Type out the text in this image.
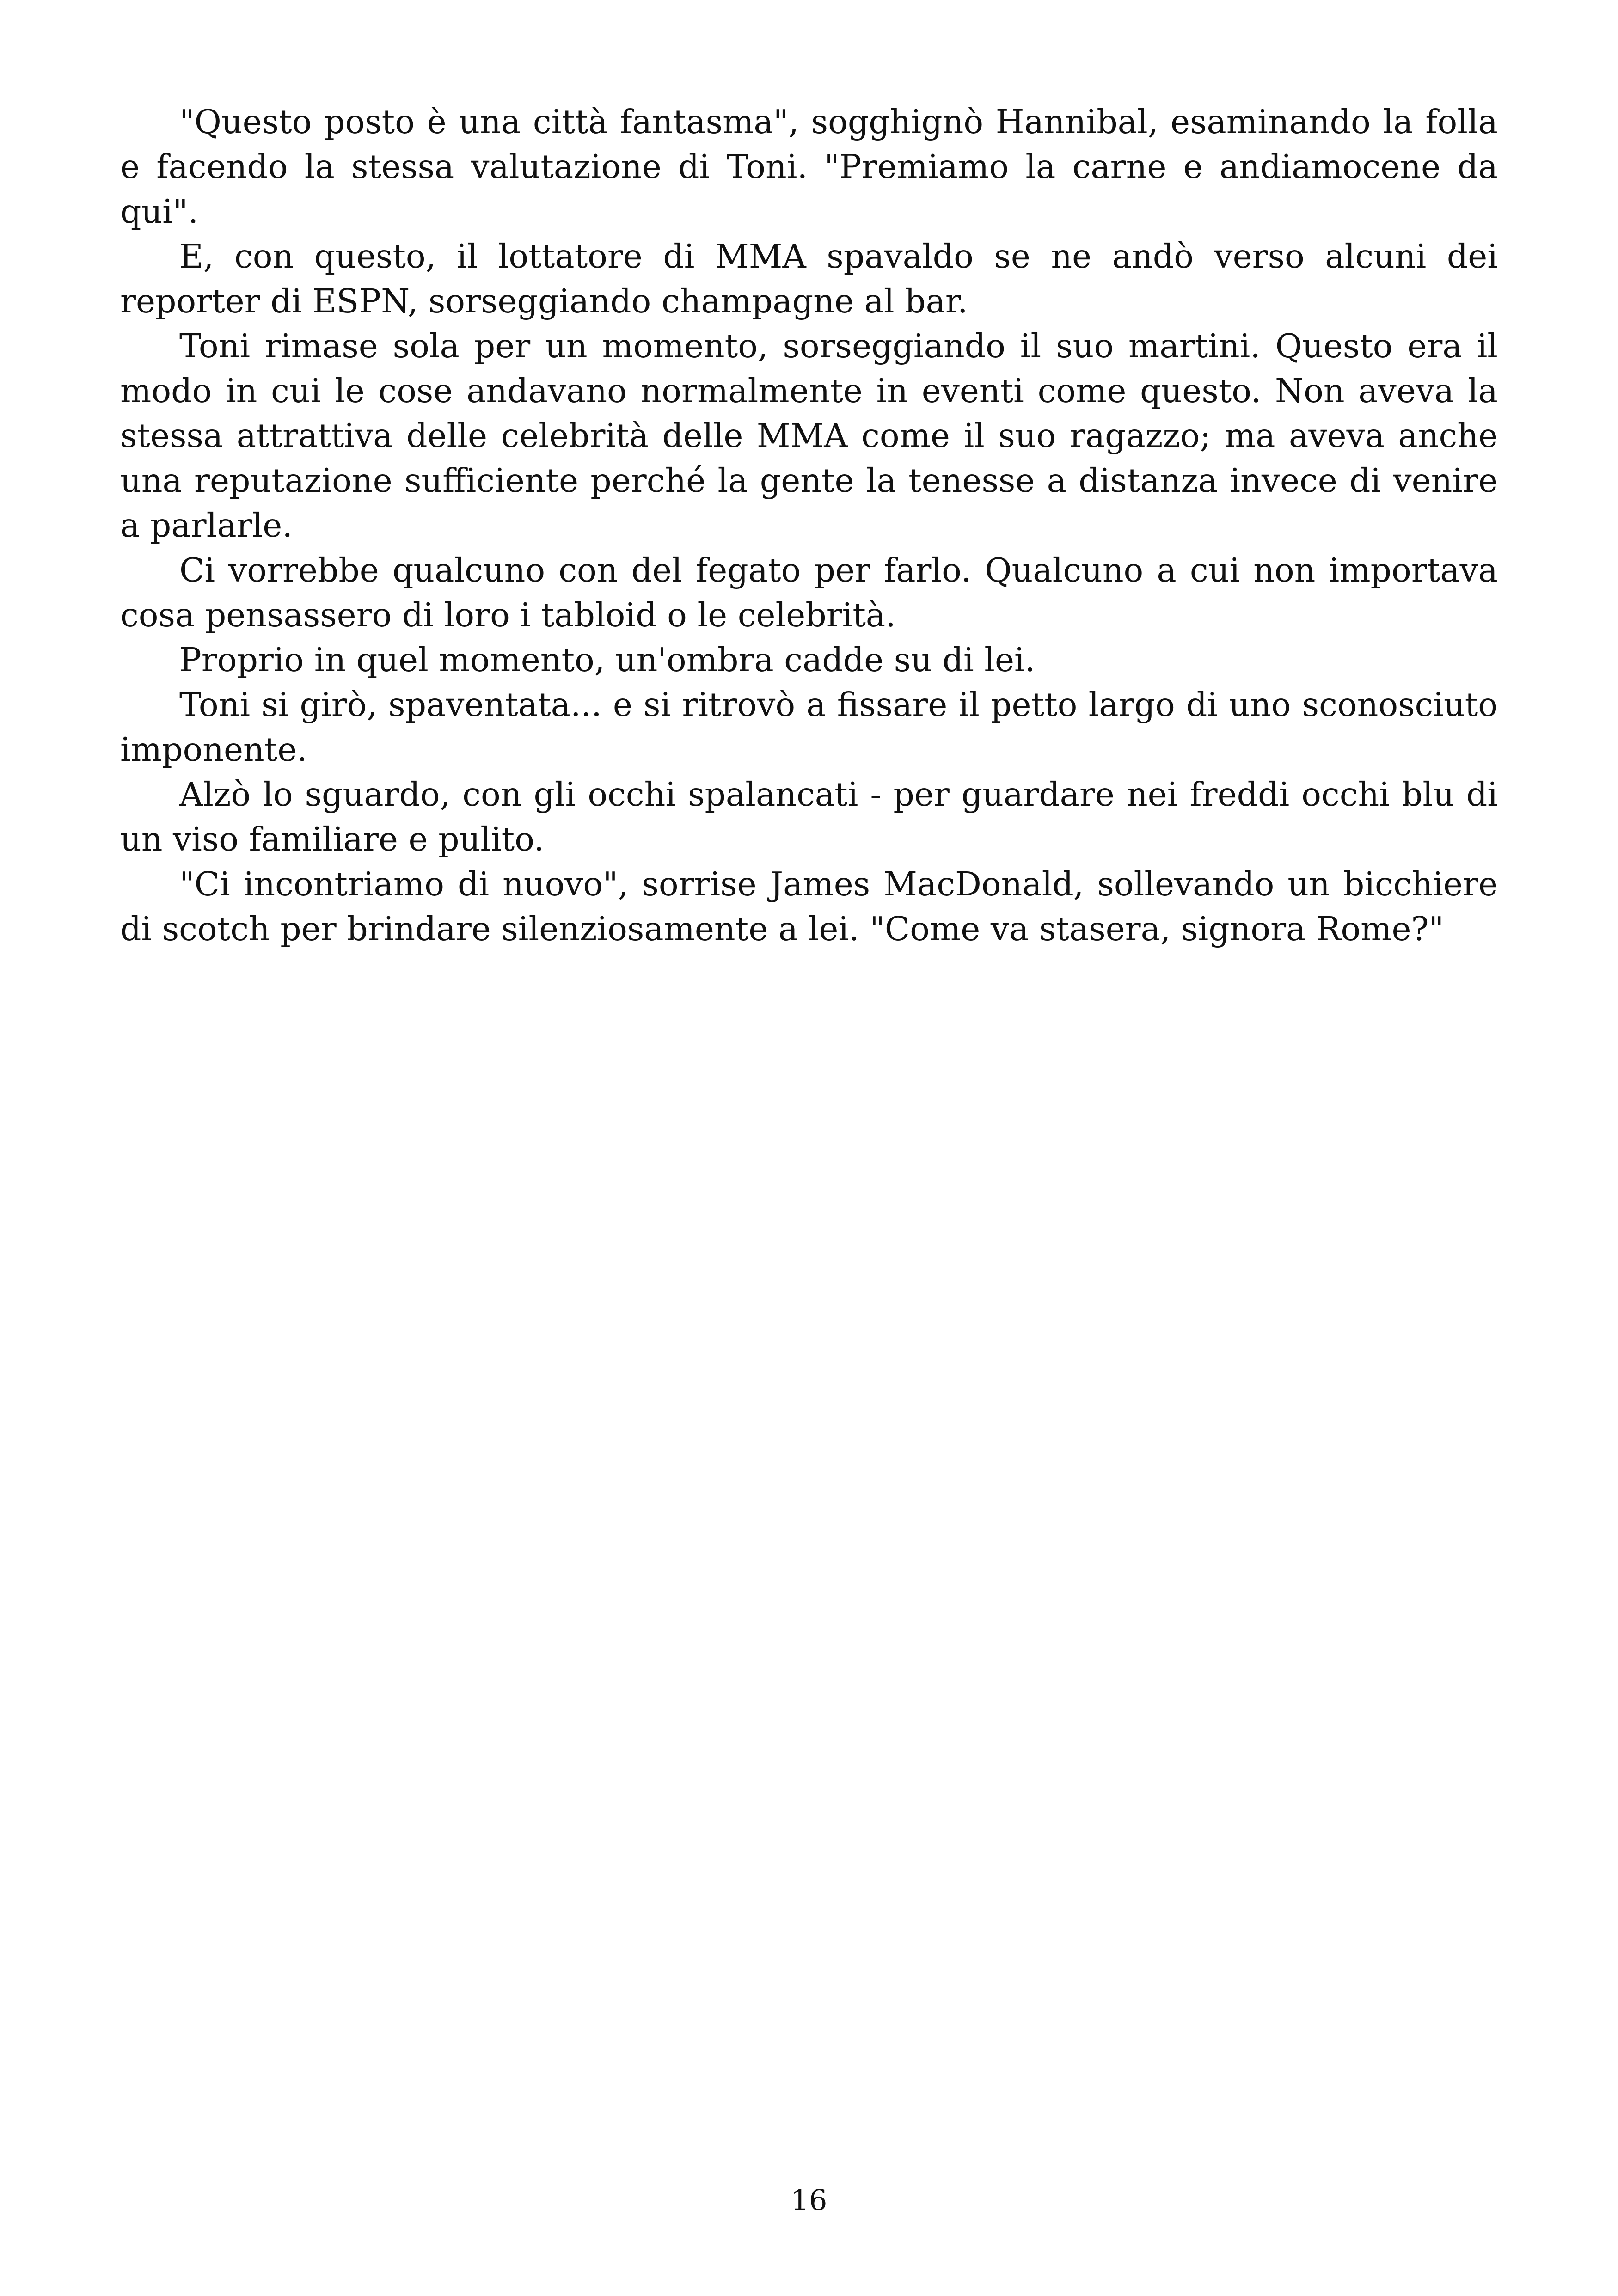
"Questo posto è una città fantasma", sogghignò Hannibal, esaminando la folla e facendo la stessa valutazione di Toni. "Premiamo la carne e andiamocene da qui".

E, con questo, il lottatore di MMA spavaldo se ne andò verso alcuni dei reporter di ESPN, sorseggiando champagne al bar.

Toni rimase sola per un momento, sorseggiando il suo martini. Questo era il modo in cui le cose andavano normalmente in eventi come questo. Non aveva la stessa attrattiva delle celebrità delle MMA come il suo ragazzo; ma aveva anche una reputazione sufficiente perché la gente la tenesse a distanza invece di venire a parlarle.

Ci vorrebbe qualcuno con del fegato per farlo. Qualcuno a cui non importava cosa pensassero di loro i tabloid o le celebrità.

Proprio in quel momento, un'ombra cadde su di lei.

Toni si girò, spaventata... e si ritrovò a fissare il petto largo di uno sconosciuto imponente.

Alzò lo sguardo, con gli occhi spalancati - per guardare nei freddi occhi blu di un viso familiare e pulito.

"Ci incontriamo di nuovo", sorrise James MacDonald, sollevando un bicchiere di scotch per brindare silenziosamente a lei. "Come va stasera, signora Rome?"

16
